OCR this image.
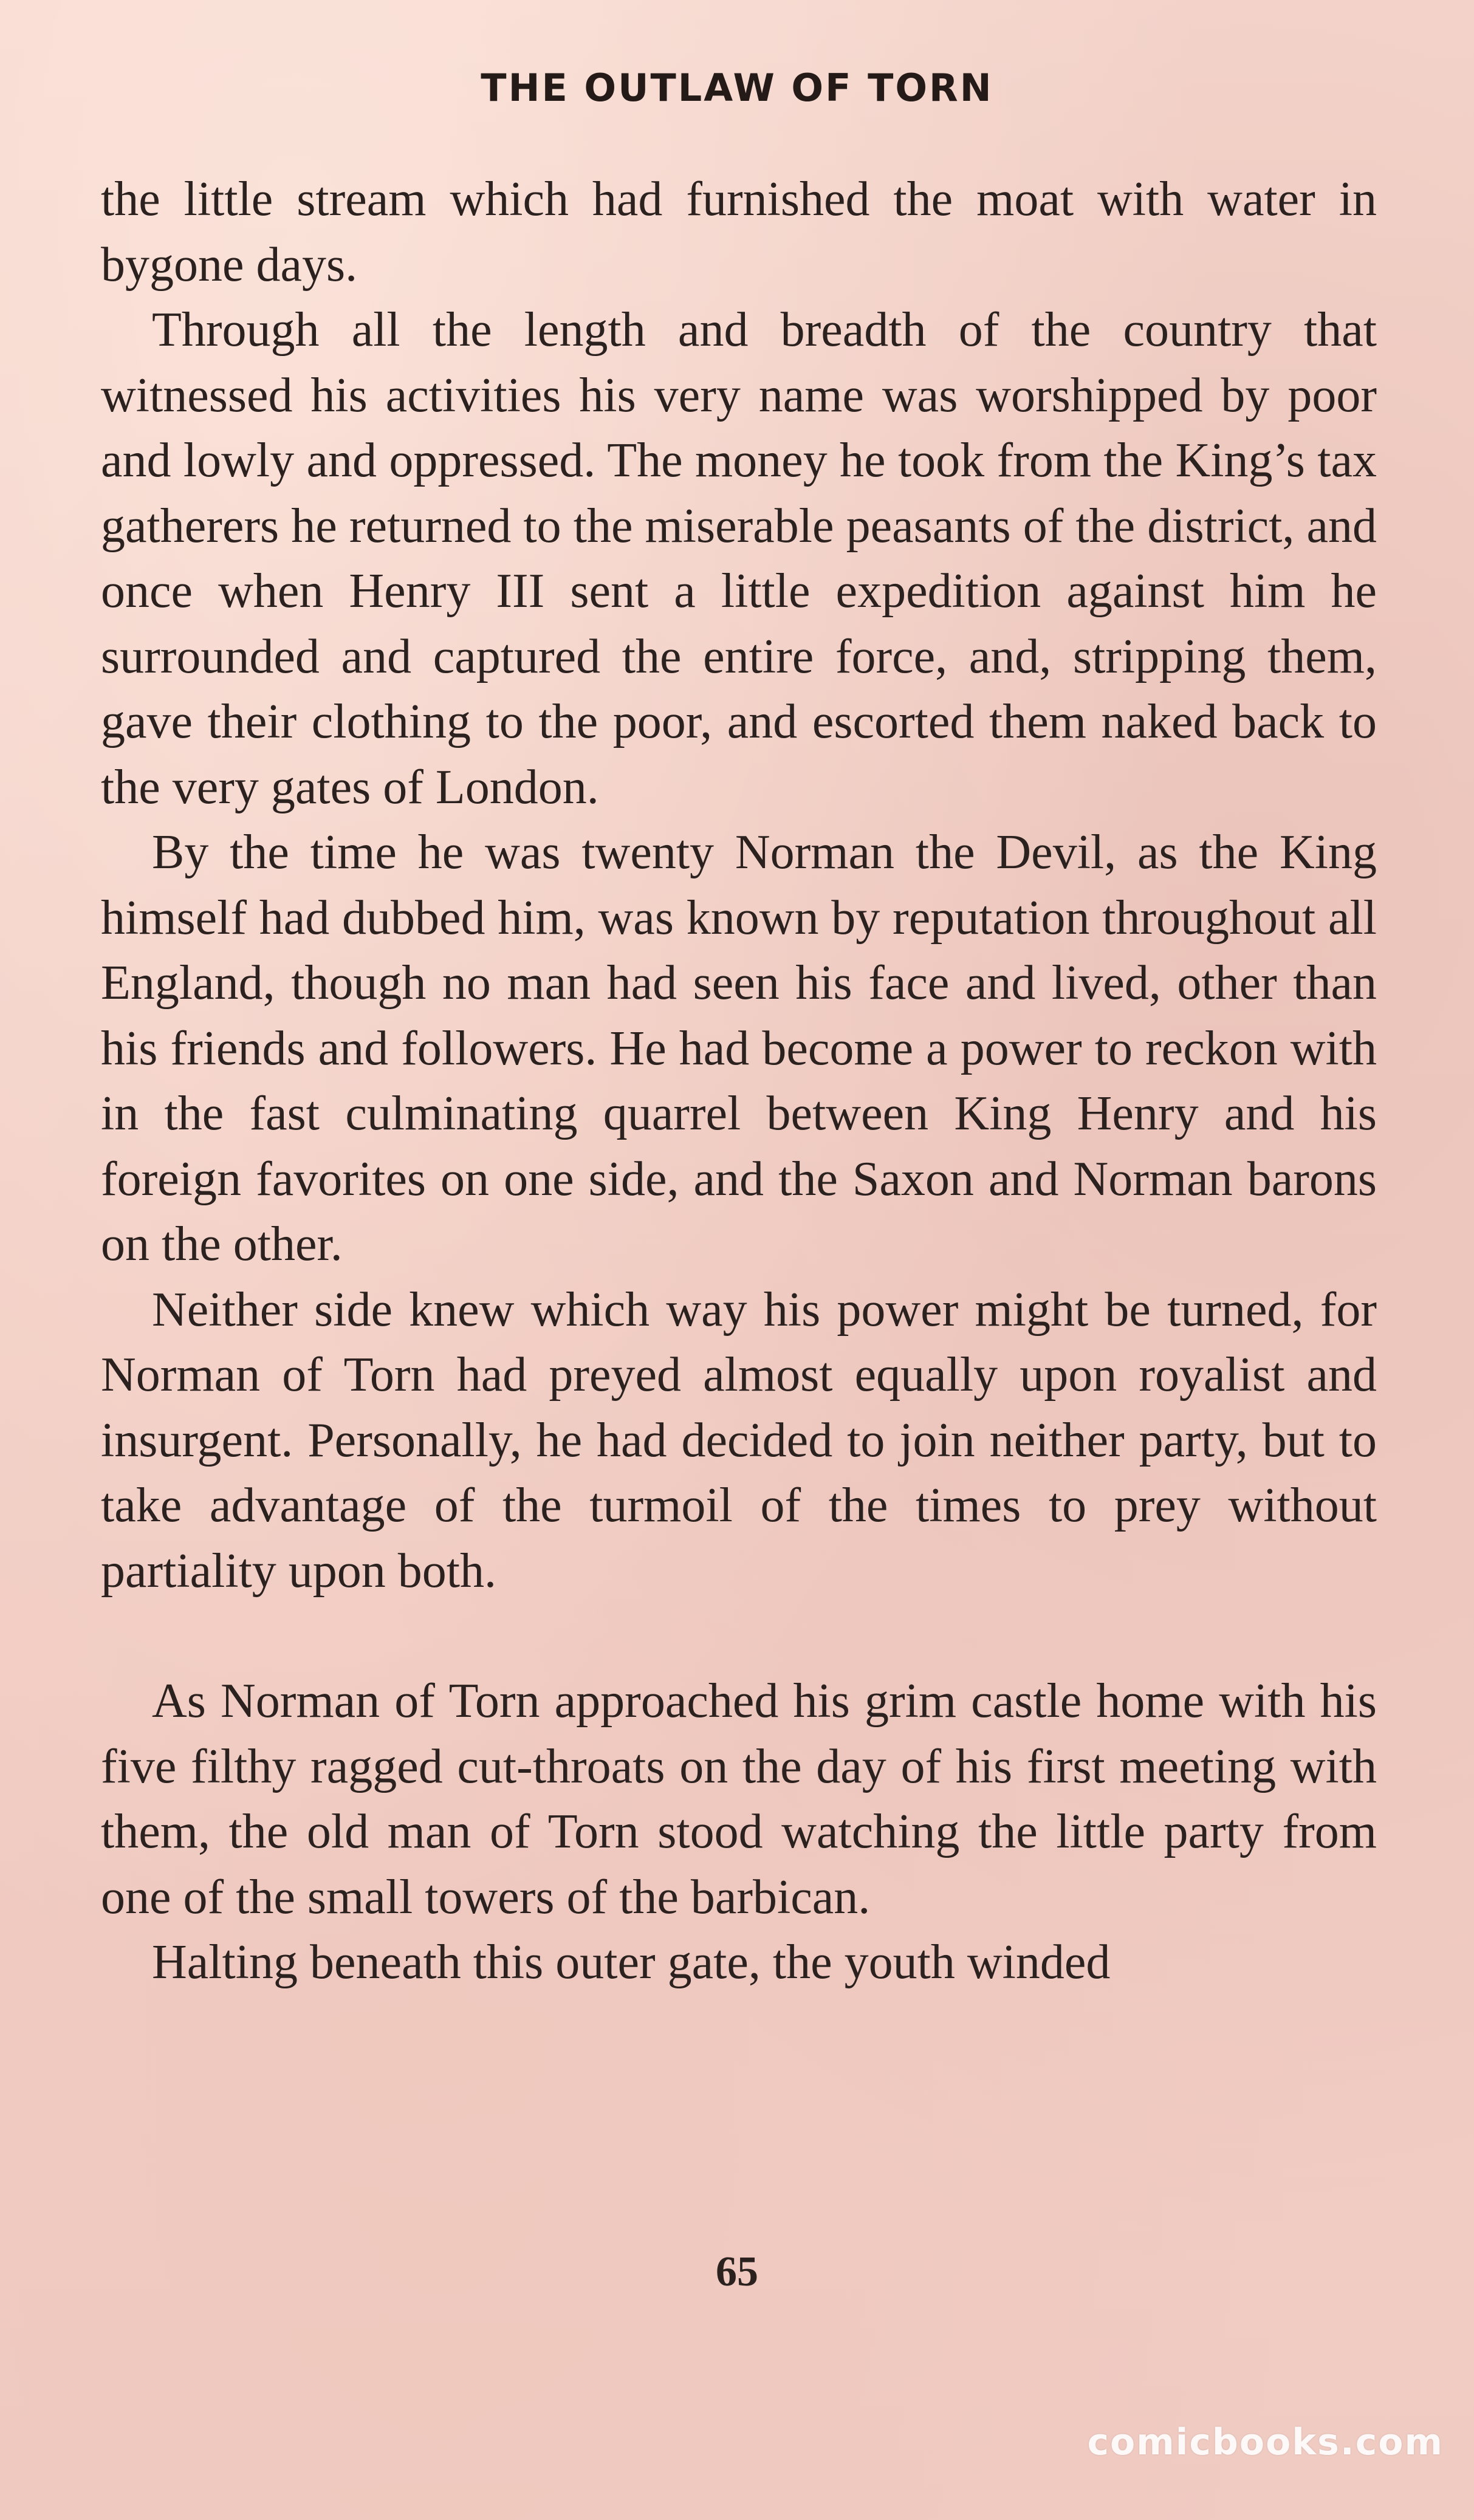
THE OUTLAW OF TORN

the little stream which had furnished the moat with water in bygone days.

Through all the length and breadth of the country that witnessed his activities his very name was worshipped by poor and lowly and oppressed. The money he took from the King’s tax gatherers he returned to the miserable peasants of the district, and once when Henry III sent a little expedition against him he surrounded and captured the entire force, and, stripping them, gave their clothing to the poor, and escorted them naked back to the very gates of London.

By the time he was twenty Norman the Devil, as the King himself had dubbed him, was known by reputation throughout all England, though no man had seen his face and lived, other than his friends and followers. He had become a power to reckon with in the fast culminating quarrel between King Henry and his foreign favorites on one side, and the Saxon and Norman barons on the other.

Neither side knew which way his power might be turned, for Norman of Torn had preyed almost equally upon royalist and insurgent. Personally, he had decided to join neither party, but to take advantage of the turmoil of the times to prey without partiality upon both.

As Norman of Torn approached his grim castle home with his five filthy ragged cut-throats on the day of his first meeting with them, the old man of Torn stood watching the little party from one of the small towers of the barbican.

Halting beneath this outer gate, the youth winded

65
comicbooks.com
